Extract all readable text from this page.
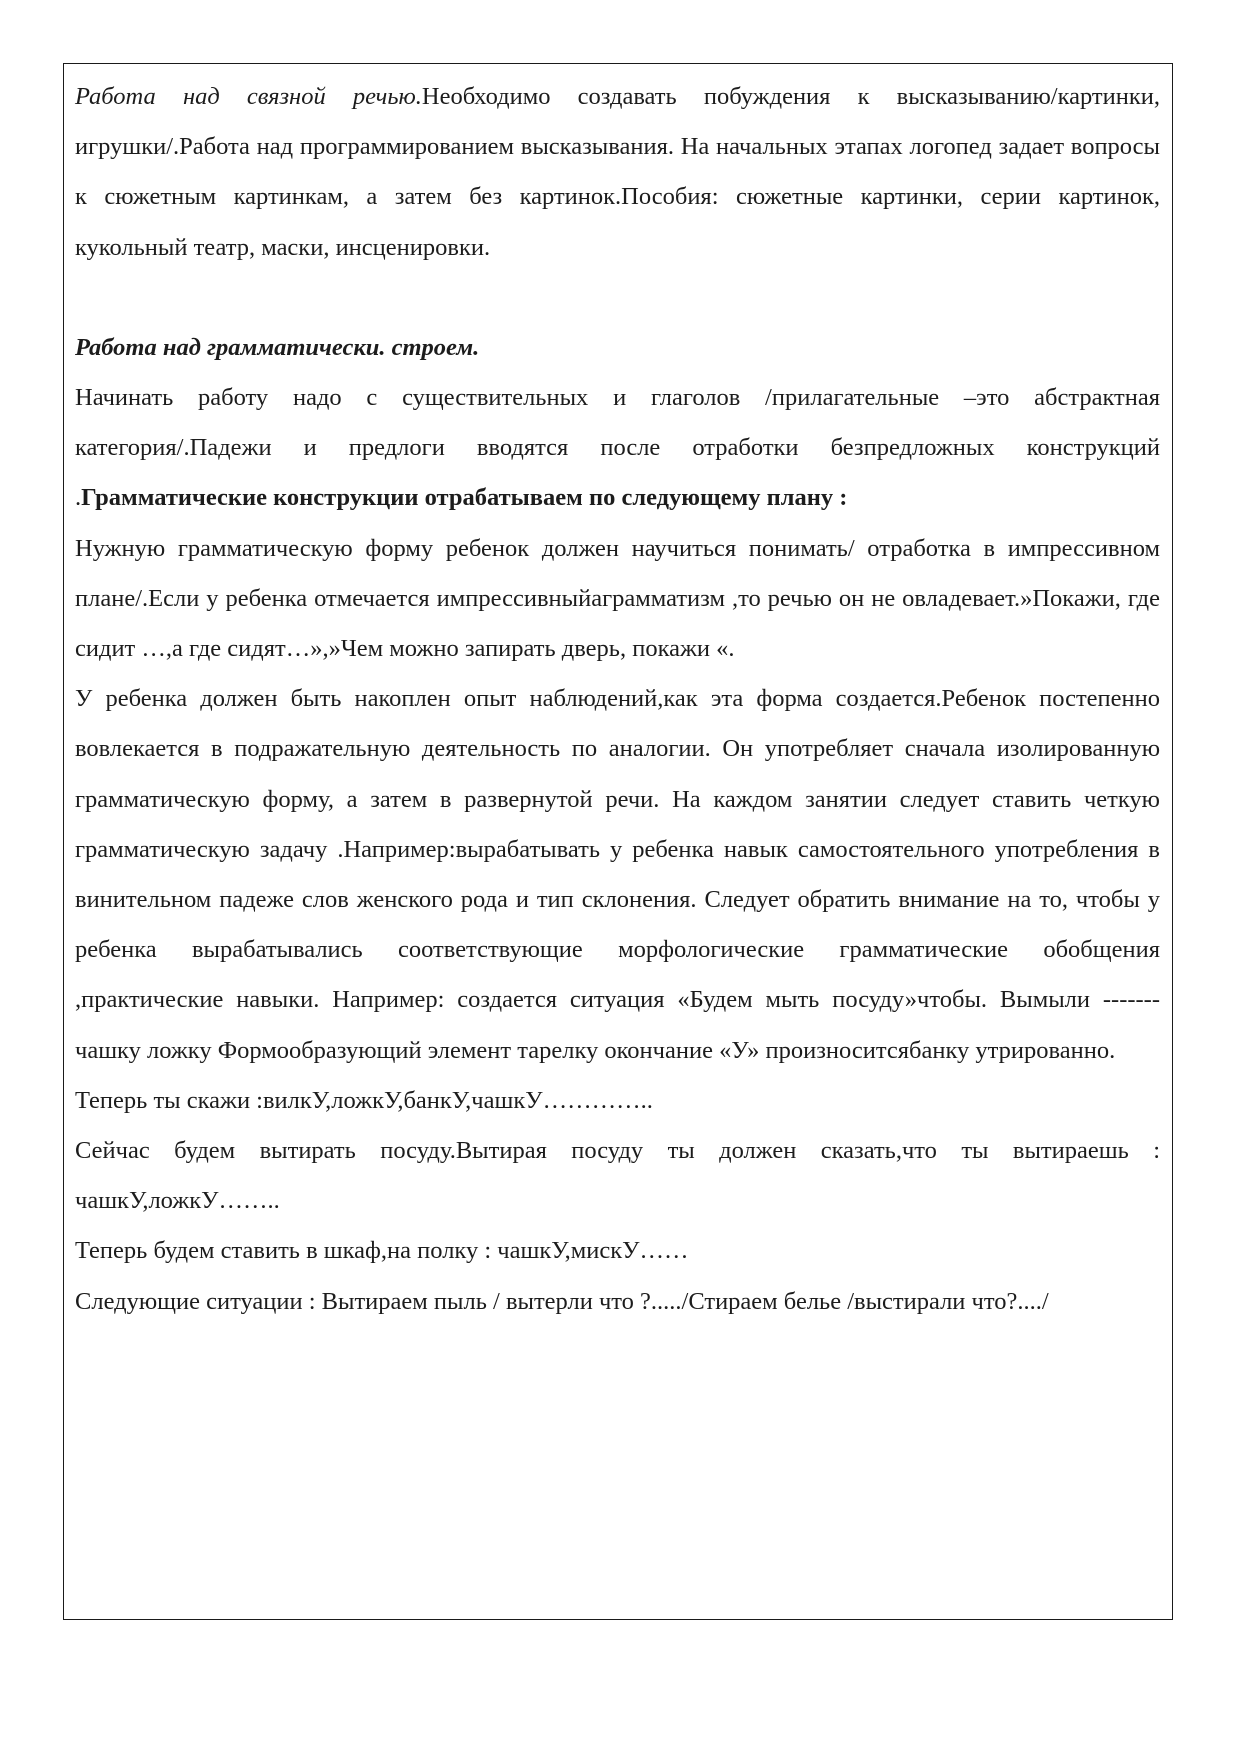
Работа над связной речью.Необходимо создавать побуждения к высказыванию/картинки, игрушки/.Работа над программированием высказывания. На начальных этапах логопед задает вопросы к сюжетным картинкам, а затем без картинок.Пособия: сюжетные картинки, серии картинок, кукольный театр, маски, инсценировки.

Работа над грамматически. строем.

Начинать работу надо с существительных и глаголов /прилагательные –это абстрактная категория/.Падежи и предлоги вводятся после отработки безпредложных конструкций .Грамматические конструкции отрабатываем по следующему плану :

Нужную грамматическую форму ребенок должен научиться понимать/ отработка в импрессивном плане/.Если у ребенка отмечается импрессивныйаграмматизм ,то речью он не овладевает.»Покажи, где сидит …,а где сидят…»,»Чем можно запирать дверь, покажи «.

У ребенка должен быть накоплен опыт наблюдений,как эта форма создается.Ребенок постепенно вовлекается в подражательную деятельность по аналогии. Он употребляет сначала изолированную грамматическую форму, а затем в развернутой речи. На каждом занятии следует ставить четкую грамматическую задачу .Например:вырабатывать у ребенка навык самостоятельного употребления в винительном падеже слов женского рода и тип склонения. Следует обратить внимание на то, чтобы у ребенка вырабатывались соответствующие морфологические грамматические обобщения ,практические навыки. Например: создается ситуация «Будем мыть посуду»чтобы. Вымыли -------чашку ложку Формообразующий элемент тарелку окончание «У» произноситсябанку утрированно.

Теперь ты скажи :вилкУ,ложкУ,банкУ,чашкУ…………..

Сейчас будем вытирать посуду.Вытирая посуду ты должен сказать,что ты вытираешь : чашкУ,ложкУ……..

Теперь будем ставить в шкаф,на полку : чашкУ,мискУ……

Следующие ситуации : Вытираем пыль / вытерли что ?...../Стираем белье /выстирали что?..../
